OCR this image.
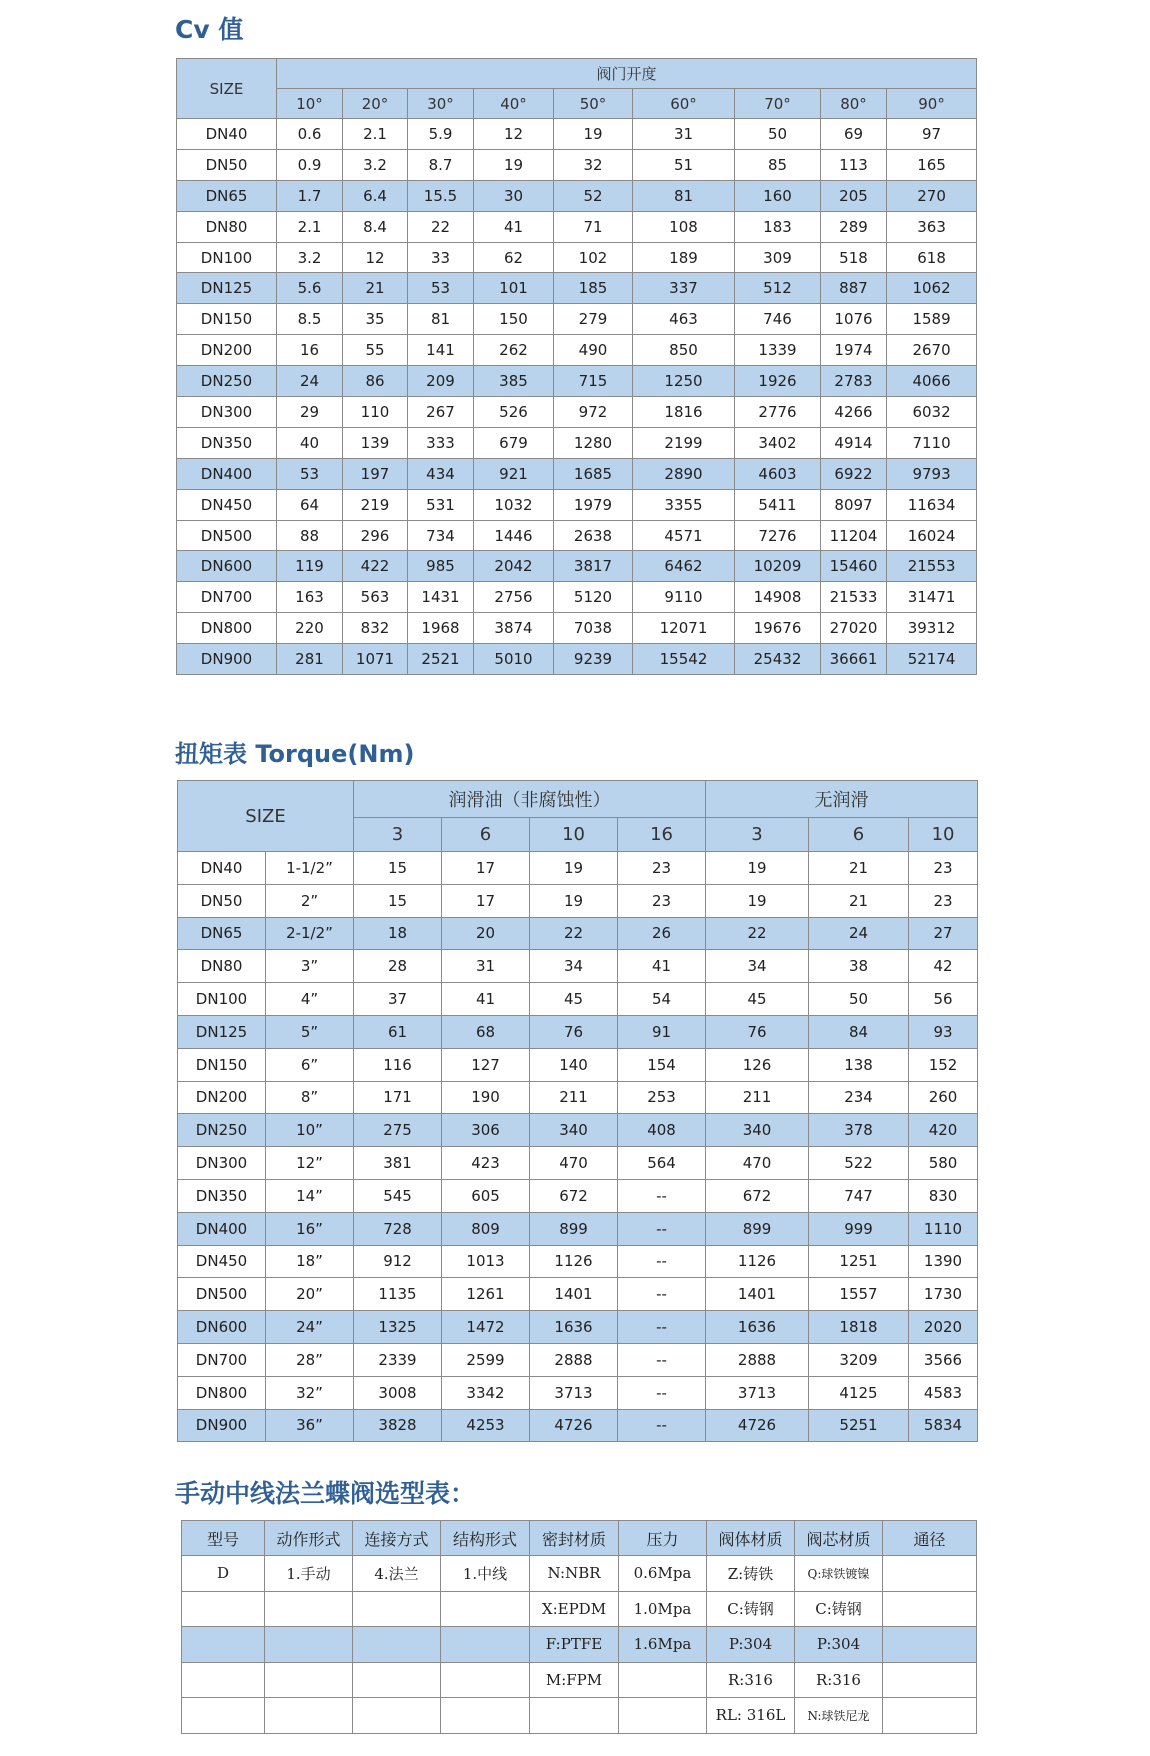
Cv 值
SIZE	阀门开度								
	10°	20°	30°	40°	50°	60°	70°	80°	90°
DN40	0.6	2.1	5.9	12	19	31	50	69	97
DN50	0.9	3.2	8.7	19	32	51	85	113	165
DN65	1.7	6.4	15.5	30	52	81	160	205	270
DN80	2.1	8.4	22	41	71	108	183	289	363
DN100	3.2	12	33	62	102	189	309	518	618
DN125	5.6	21	53	101	185	337	512	887	1062
DN150	8.5	35	81	150	279	463	746	1076	1589
DN200	16	55	141	262	490	850	1339	1974	2670
DN250	24	86	209	385	715	1250	1926	2783	4066
DN300	29	110	267	526	972	1816	2776	4266	6032
DN350	40	139	333	679	1280	2199	3402	4914	7110
DN400	53	197	434	921	1685	2890	4603	6922	9793
DN450	64	219	531	1032	1979	3355	5411	8097	11634
DN500	88	296	734	1446	2638	4571	7276	11204	16024
DN600	119	422	985	2042	3817	6462	10209	15460	21553
DN700	163	563	1431	2756	5120	9110	14908	21533	31471
DN800	220	832	1968	3874	7038	12071	19676	27020	39312
DN900	281	1071	2521	5010	9239	15542	25432	36661	52174
扭矩表 Torque(Nm)
SIZE		润滑油（非腐蚀性）				无润滑		
		3	6	10	16	3	6	10
DN40	1-1/2”	15	17	19	23	19	21	23
DN50	2”	15	17	19	23	19	21	23
DN65	2-1/2”	18	20	22	26	22	24	27
DN80	3”	28	31	34	41	34	38	42
DN100	4”	37	41	45	54	45	50	56
DN125	5”	61	68	76	91	76	84	93
DN150	6”	116	127	140	154	126	138	152
DN200	8”	171	190	211	253	211	234	260
DN250	10”	275	306	340	408	340	378	420
DN300	12”	381	423	470	564	470	522	580
DN350	14”	545	605	672	--	672	747	830
DN400	16”	728	809	899	--	899	999	1110
DN450	18”	912	1013	1126	--	1126	1251	1390
DN500	20”	1135	1261	1401	--	1401	1557	1730
DN600	24”	1325	1472	1636	--	1636	1818	2020
DN700	28”	2339	2599	2888	--	2888	3209	3566
DN800	32”	3008	3342	3713	--	3713	4125	4583
DN900	36”	3828	4253	4726	--	4726	5251	5834
手动中线法兰蝶阀选型表：
型号	动作形式	连接方式	结构形式	密封材质	压力	阀体材质	阀芯材质	通径
D	1.手动	4.法兰	1.中线	N:NBR	0.6Mpa	Z:铸铁	Q:球铁镀镍	
				X:EPDM	1.0Mpa	C:铸钢	C:铸钢	
				F:PTFE	1.6Mpa	P:304	P:304	
				M:FPM		R:316	R:316	
						RL: 316L	N:球铁尼龙	
